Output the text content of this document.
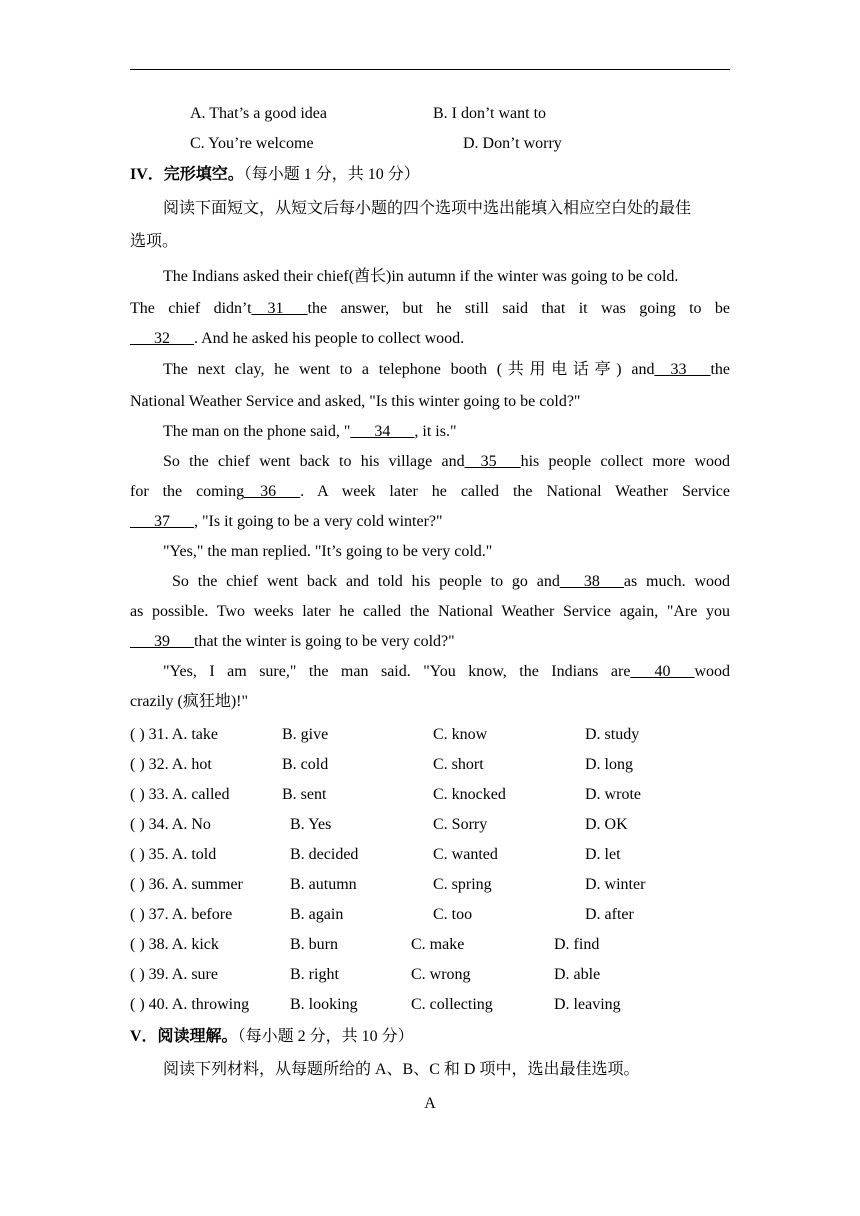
A. That’s a good idea	B. I don’t want to
C. You’re welcome	D. Don’t worry
IV．完形填空。（每小题 1 分，共 10 分）
阅读下面短文，从短文后每小题的四个选项中选出能填入相应空白处的最佳
选项。
The Indians asked their chief(酋长)in autumn if the winter was going to be cold.
The chief didn’t__31___the answer, but he still said that it was going to be
___32___. And he asked his people to collect wood.
The next clay, he went to a telephone booth (共用电话亭) and__33___the
National Weather Service and asked, "Is this winter going to be cold?"
The man on the phone said, "___34___, it is."
So the chief went back to his village and__35___his people collect more wood
for the coming__36___. A week later he called the National Weather Service
___37___, "Is it going to be a very cold winter?"
"Yes," the man replied. "It’s going to be very cold."
So the chief went back and told his people to go and___38___as much. wood
as possible. Two weeks later he called the National Weather Service again, "Are you
___39___that the winter is going to be very cold?"
"Yes, I am sure," the man said. "You know, the Indians are___40___wood
crazily (疯狂地)!"
( ) 31. A. take	B. give	C. know	D. study
( ) 32. A. hot	B. cold	C. short	D. long
( ) 33. A. called	B. sent	C. knocked	D. wrote
( ) 34. A. No	B. Yes	C. Sorry	D. OK
( ) 35. A. told	B. decided	C. wanted	D. let
( ) 36. A. summer	B. autumn	C. spring	D. winter
( ) 37. A. before	B. again	C. too	D. after
( ) 38. A. kick	B. burn	C. make	D. find
( ) 39. A. sure	B. right	C. wrong	D. able
( ) 40. A. throwing	B. looking	C. collecting	D. leaving
V．阅读理解。（每小题 2 分，共 10 分）
阅读下列材料，从每题所给的 A、B、C 和 D 项中，选出最佳选项。
A
